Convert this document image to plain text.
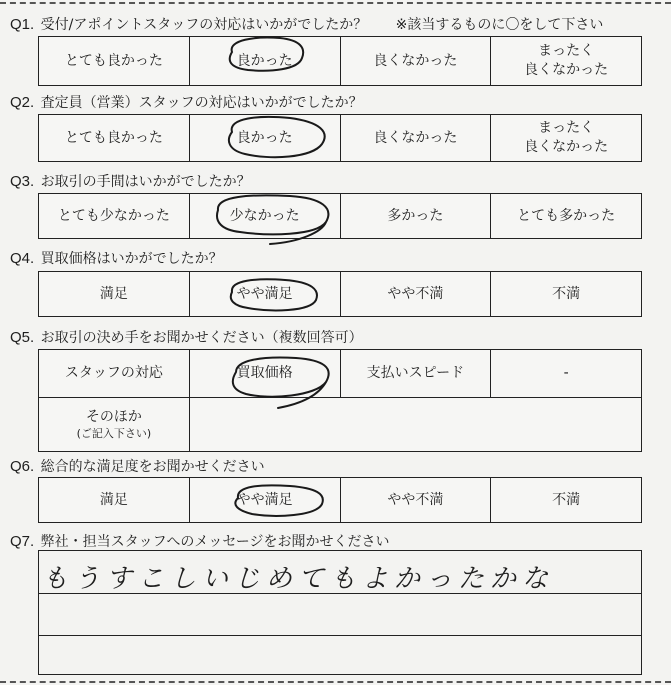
Q1. 受付/アポイントスタッフの対応はいかがでしたか？ ※該当するものに〇をして下さい
とても良かった	良かった	良くなかった	まったく
良くなかった
Q2. 査定員（営業）スタッフの対応はいかがでしたか？
とても良かった	良かった	良くなかった	まったく
良くなかった
Q3. お取引の手間はいかがでしたか？
とても少なかった	少なかった	多かった	とても多かった
Q4. 買取価格はいかがでしたか？
満足	やや満足	やや不満	不満
Q5. お取引の決め手をお聞かせください（複数回答可）
スタッフの対応	買取価格	支払いスピード	-
そのほか
(ご記入下さい)			

Q6. 総合的な満足度をお聞かせください
満足	やや満足	やや不満	不満
Q7. 弊社・担当スタッフへのメッセージをお聞かせください
もうすこしいじめてもよかったかな
